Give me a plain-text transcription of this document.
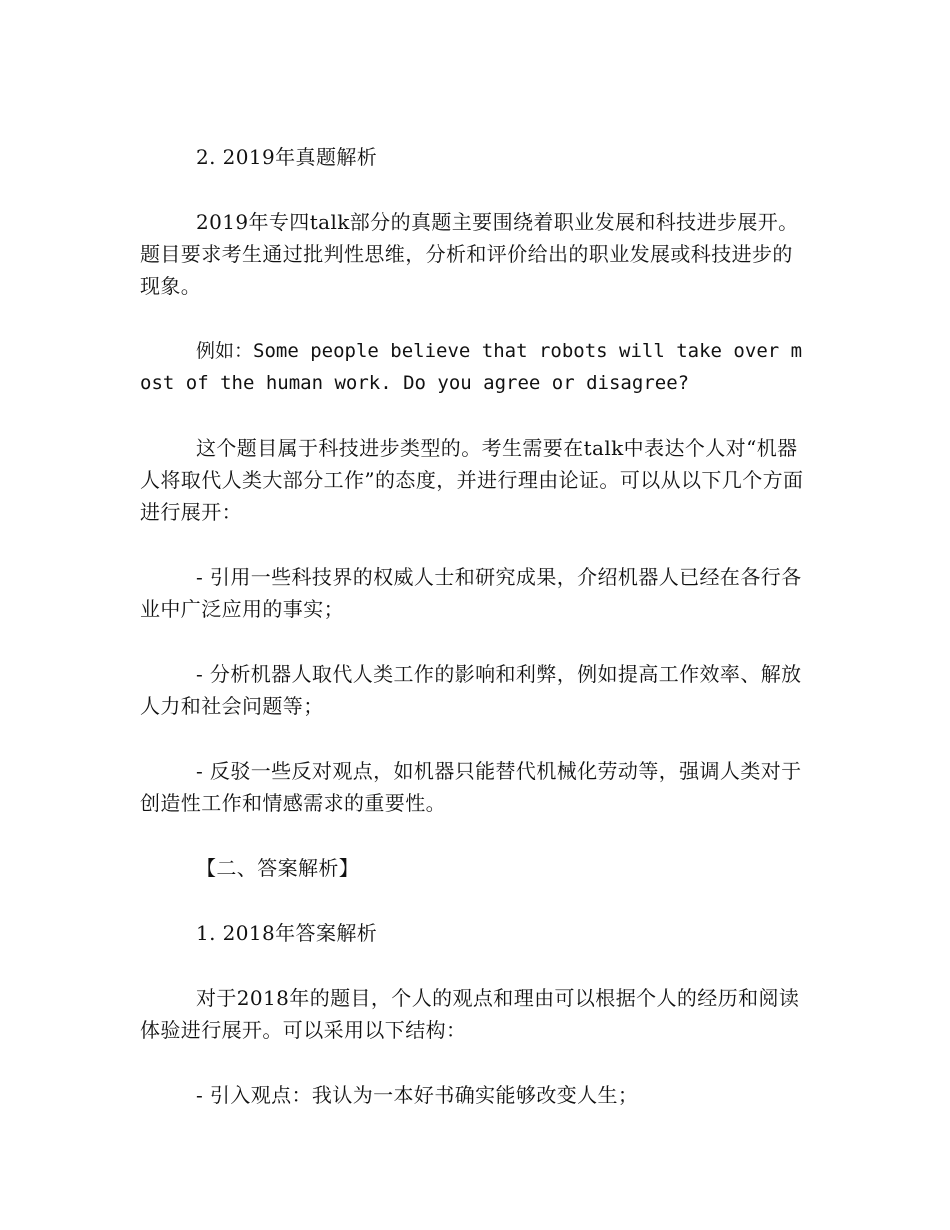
2. 2019年真题解析

2019年专四talk部分的真题主要围绕着职业发展和科技进步展开。题目要求考生通过批判性思维，分析和评价给出的职业发展或科技进步的现象。

例如：Some people believe that robots will take over most of the human work. Do you agree or disagree?

这个题目属于科技进步类型的。考生需要在talk中表达个人对“机器人将取代人类大部分工作”的态度，并进行理由论证。可以从以下几个方面进行展开：

- 引用一些科技界的权威人士和研究成果，介绍机器人已经在各行各业中广泛应用的事实；

- 分析机器人取代人类工作的影响和利弊，例如提高工作效率、解放人力和社会问题等；

- 反驳一些反对观点，如机器只能替代机械化劳动等，强调人类对于创造性工作和情感需求的重要性。

【二、答案解析】

1. 2018年答案解析

对于2018年的题目，个人的观点和理由可以根据个人的经历和阅读体验进行展开。可以采用以下结构：

- 引入观点：我认为一本好书确实能够改变人生；
